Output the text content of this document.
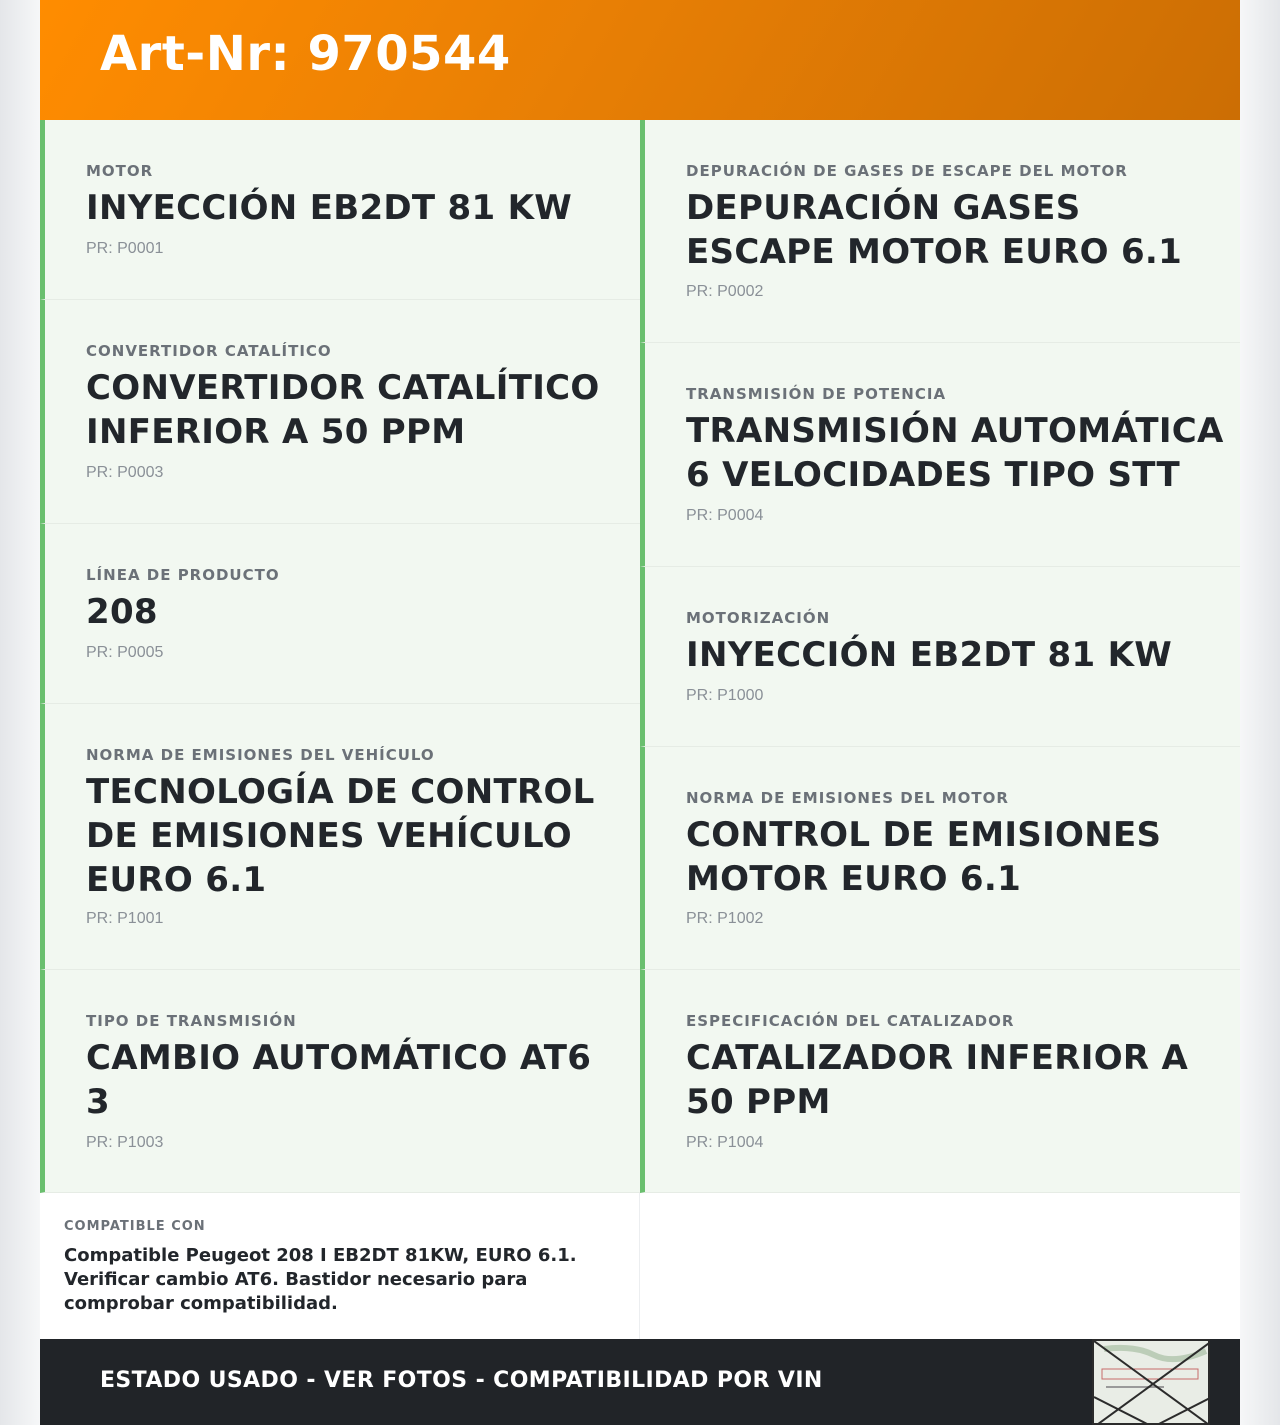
Art-Nr: 970544
MOTOR
INYECCIÓN EB2DT 81 KW
PR: P0001
CONVERTIDOR CATALÍTICO
CONVERTIDOR CATALÍTICO INFERIOR A 50 PPM
PR: P0003
LÍNEA DE PRODUCTO
208
PR: P0005
NORMA DE EMISIONES DEL VEHÍCULO
TECNOLOGÍA DE CONTROL DE EMISIONES VEHÍCULO EURO 6.1
PR: P1001
TIPO DE TRANSMISIÓN
CAMBIO AUTOMÁTICO AT6 3
PR: P1003
DEPURACIÓN DE GASES DE ESCAPE DEL MOTOR
DEPURACIÓN GASES ESCAPE MOTOR EURO 6.1
PR: P0002
TRANSMISIÓN DE POTENCIA
TRANSMISIÓN AUTOMÁTICA 6 VELOCIDADES TIPO STT
PR: P0004
MOTORIZACIÓN
INYECCIÓN EB2DT 81 KW
PR: P1000
NORMA DE EMISIONES DEL MOTOR
CONTROL DE EMISIONES MOTOR EURO 6.1
PR: P1002
ESPECIFICACIÓN DEL CATALIZADOR
CATALIZADOR INFERIOR A 50 PPM
PR: P1004
COMPATIBLE CON
Compatible Peugeot 208 I EB2DT 81KW, EURO 6.1. Verificar cambio AT6. Bastidor necesario para comprobar compatibilidad.
ESTADO USADO - VER FOTOS - COMPATIBILIDAD POR VIN
